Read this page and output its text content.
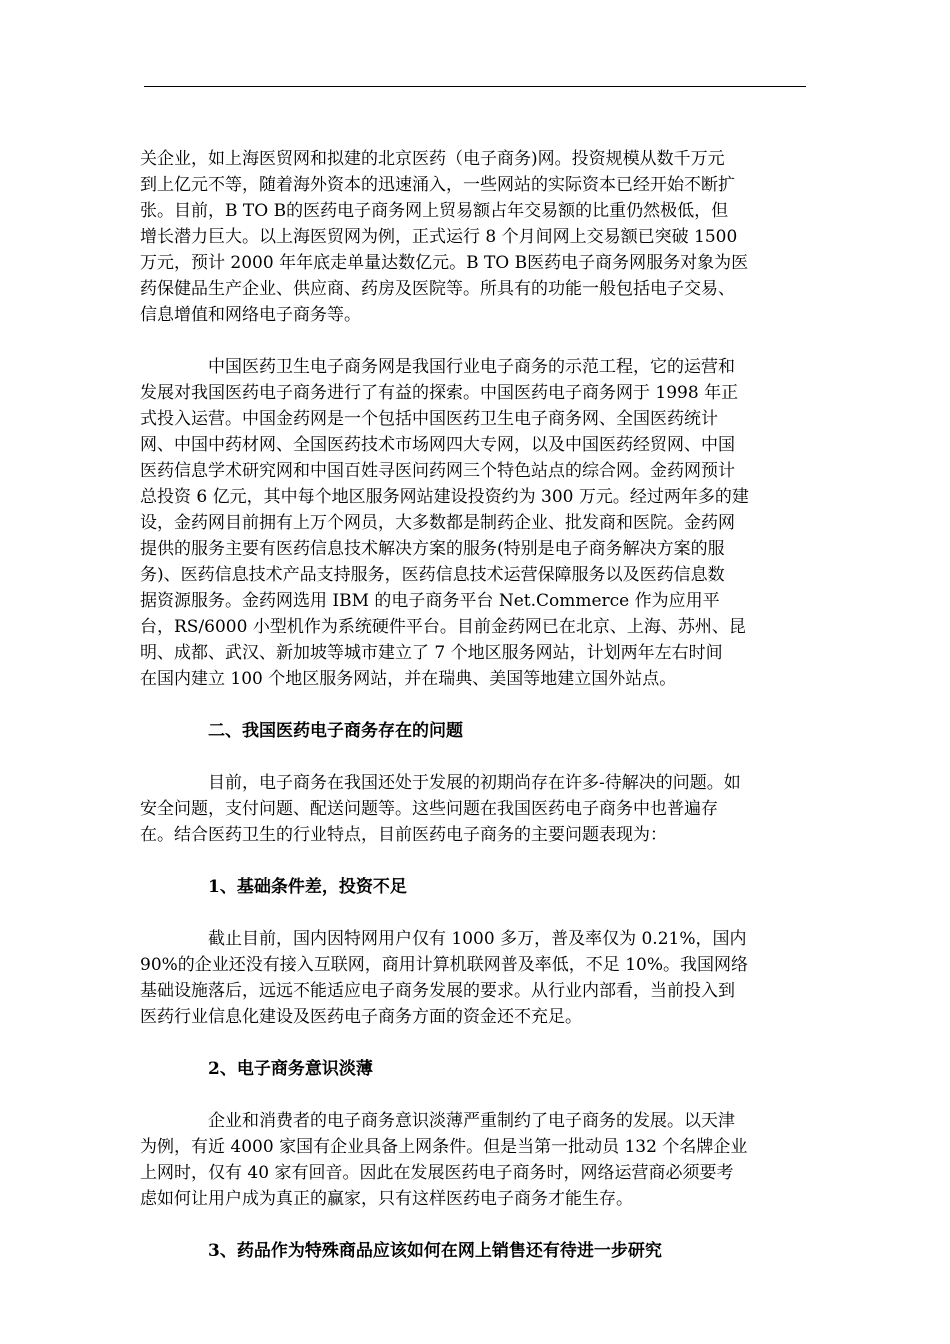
关企业，如上海医贸网和拟建的北京医药（电子商务)网。投资规模从数千万元
到上亿元不等，随着海外资本的迅速涌入，一些网站的实际资本已经开始不断扩
张。目前，B TO B的医药电子商务网上贸易额占年交易额的比重仍然极低，但
增长潜力巨大。以上海医贸网为例，正式运行 8 个月间网上交易额已突破 1500
万元，预计 2000 年年底走单量达数亿元。B TO B医药电子商务网服务对象为医
药保健品生产企业、供应商、药房及医院等。所具有的功能一般包括电子交易、
信息增值和网络电子商务等。

中国医药卫生电子商务网是我国行业电子商务的示范工程，它的运营和
发展对我国医药电子商务进行了有益的探索。中国医药电子商务网于 1998 年正
式投入运营。中国金药网是一个包括中国医药卫生电子商务网、全国医药统计
网、中国中药材网、全国医药技术市场网四大专网，以及中国医药经贸网、中国
医药信息学术研究网和中国百姓寻医问药网三个特色站点的综合网。金药网预计
总投资 6 亿元，其中每个地区服务网站建设投资约为 300 万元。经过两年多的建
设，金药网目前拥有上万个网员，大多数都是制药企业、批发商和医院。金药网
提供的服务主要有医药信息技术解决方案的服务(特别是电子商务解决方案的服
务)、医药信息技术产品支持服务，医药信息技术运营保障服务以及医药信息数
据资源服务。金药网选用 IBM 的电子商务平台 Net.Commerce 作为应用平
台，RS/6000 小型机作为系统硬件平台。目前金药网已在北京、上海、苏州、昆
明、成都、武汉、新加坡等城市建立了 7 个地区服务网站，计划两年左右时间
在国内建立 100 个地区服务网站，并在瑞典、美国等地建立国外站点。

二、我国医药电子商务存在的问题

目前，电子商务在我国还处于发展的初期尚存在许多-待解决的问题。如
安全问题，支付问题、配送问题等。这些问题在我国医药电子商务中也普遍存
在。结合医药卫生的行业特点，目前医药电子商务的主要问题表现为：

1、基础条件差，投资不足

截止目前，国内因特网用户仅有 1000 多万，普及率仅为 0.21%，国内
90%的企业还没有接入互联网，商用计算机联网普及率低，不足 10%。我国网络
基础设施落后，远远不能适应电子商务发展的要求。从行业内部看，当前投入到
医药行业信息化建设及医药电子商务方面的资金还不充足。

2、电子商务意识淡薄

企业和消费者的电子商务意识淡薄严重制约了电子商务的发展。以天津
为例，有近 4000 家国有企业具备上网条件。但是当第一批动员 132 个名牌企业
上网时，仅有 40 家有回音。因此在发展医药电子商务时，网络运营商必须要考
虑如何让用户成为真正的赢家，只有这样医药电子商务才能生存。

3、药品作为特殊商品应该如何在网上销售还有待进一步研究
